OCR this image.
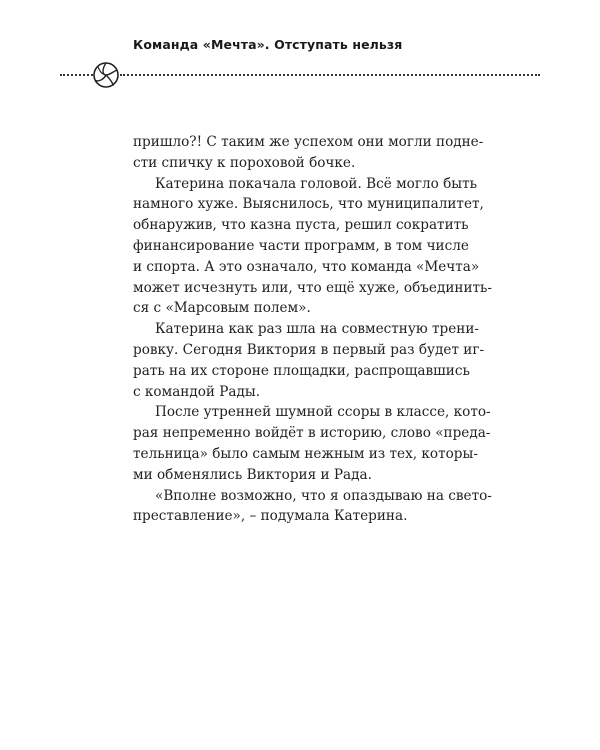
Команда «Мечта». Отступать нельзя

пришло?! С таким же успехом они могли подне-
сти спичку к пороховой бочке.

Катерина покачала головой. Всё могло быть
намного хуже. Выяснилось, что муниципалитет,
обнаружив, что казна пуста, решил сократить
финансирование части программ, в том числе
и спорта. А это означало, что команда «Мечта»
может исчезнуть или, что ещё хуже, объединить-
ся с «Марсовым полем».

Катерина как раз шла на совместную трени-
ровку. Сегодня Виктория в первый раз будет иг-
рать на их стороне площадки, распрощавшись
с командой Рады.

После утренней шумной ссоры в классе, кото-
рая непременно войдёт в историю, слово «преда-
тельница» было самым нежным из тех, которы-
ми обменялись Виктория и Рада.

«Вполне возможно, что я опаздываю на свето-
преставление», – подумала Катерина.
